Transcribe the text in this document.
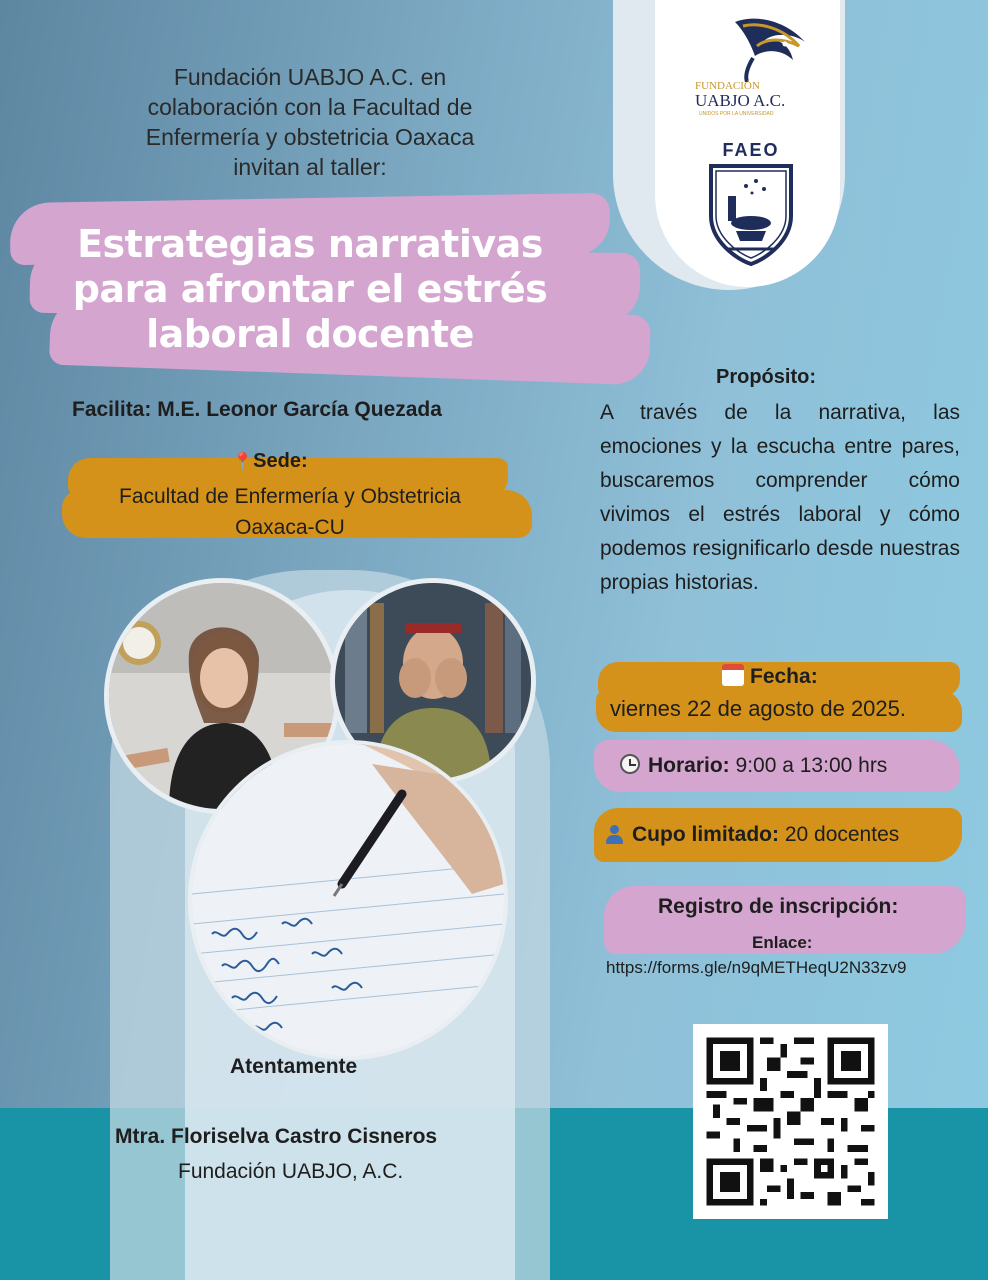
FUNDACIÓN
UABJO A.C.
UNIDOS POR LA UNIVERSIDAD
FAEO
Fundación UABJO A.C. en
colaboración con la Facultad de
Enfermería y obstetricia Oaxaca
invitan al taller:
Estrategias narrativas
para afrontar el estrés
laboral docente
Facilita: M.E. Leonor García Quezada
📍Sede:
Facultad de Enfermería y Obstetricia
Oaxaca-CU
Propósito:
A través de la narrativa, las emociones y la escucha entre pares, buscaremos comprender cómo vivimos el estrés laboral y cómo podemos resignificarlo desde nuestras propias historias.
Fecha:
viernes 22 de agosto de 2025.
Horario: 9:00 a 13:00 hrs
Cupo limitado: 20 docentes
Registro de inscripción:
Enlace:
https://forms.gle/n9qMETHeqU2N33zv9
Atentamente
Mtra. Floriselva Castro Cisneros
Fundación UABJO, A.C.
